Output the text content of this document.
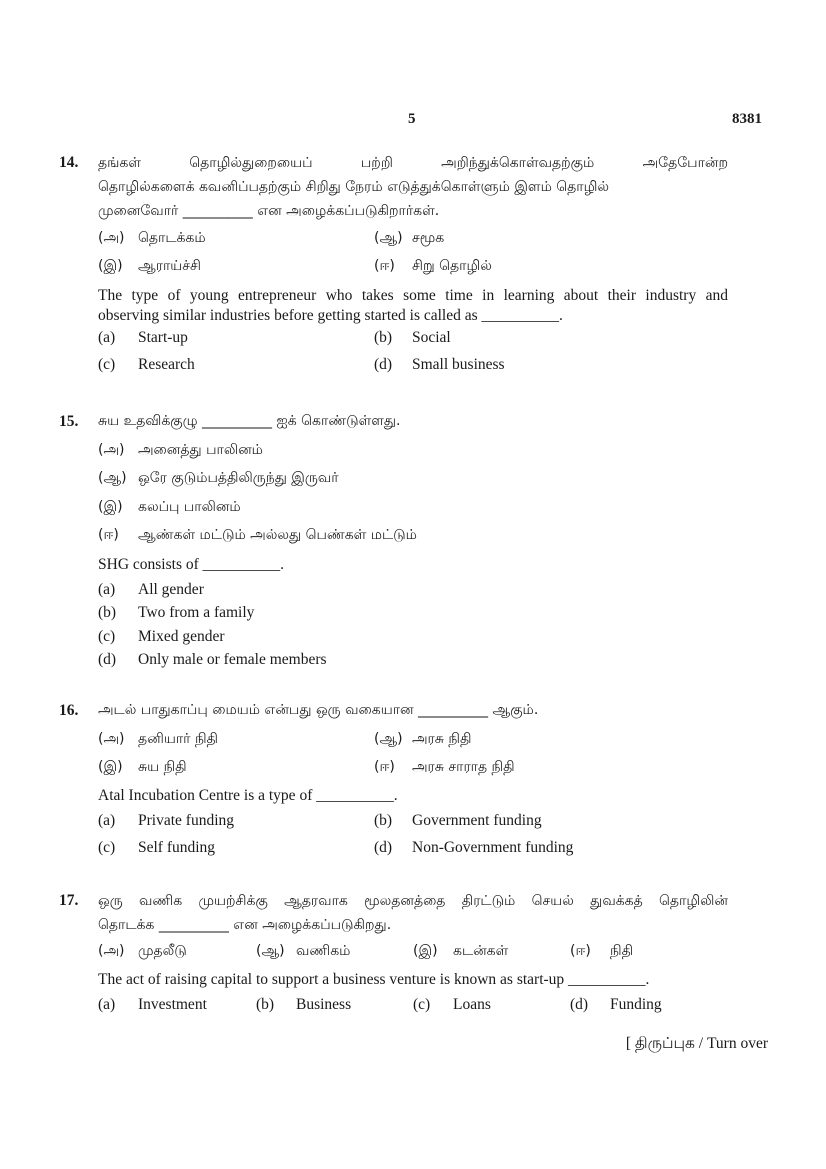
5	8381
14. தங்கள் தொழில்துறையைப் பற்றி அறிந்துக்கொள்வதற்கும் அதேபோன்ற
தொழில்களைக் கவனிப்பதற்கும் சிறிது நேரம் எடுத்துக்கொள்ளும் இளம் தொழில்
முனைவோர் __________ என அழைக்கப்படுகிறார்கள்.
(அ) தொடக்கம்	(ஆ) சமூக
(இ) ஆராய்ச்சி	(ஈ) சிறு தொழில்
The type of young entrepreneur who takes some time in learning about their industry and
observing similar industries before getting started is called as __________.
(a) Start-up	(b) Social
(c) Research	(d) Small business
15. சுய உதவிக்குழு __________ ஐக் கொண்டுள்ளது.
(அ) அனைத்து பாலினம்
(ஆ) ஒரே குடும்பத்திலிருந்து இருவர்
(இ) கலப்பு பாலினம்
(ஈ) ஆண்கள் மட்டும் அல்லது பெண்கள் மட்டும்
SHG consists of __________.
(a) All gender
(b) Two from a family
(c) Mixed gender
(d) Only male or female members
16. அடல் பாதுகாப்பு மையம் என்பது ஒரு வகையான __________ ஆகும்.
(அ) தனியார் நிதி	(ஆ) அரசு நிதி
(இ) சுய நிதி	(ஈ) அரசு சாராத நிதி
Atal Incubation Centre is a type of __________.
(a) Private funding	(b) Government funding
(c) Self funding	(d) Non-Government funding
17. ஒரு வணிக முயற்சிக்கு ஆதரவாக மூலதனத்தை திரட்டும் செயல் துவக்கத் தொழிலின்
தொடக்க __________ என அழைக்கப்படுகிறது.
(அ) முதலீடு	(ஆ) வணிகம்	(இ) கடன்கள்	(ஈ) நிதி
The act of raising capital to support a business venture is known as start-up __________.
(a) Investment	(b) Business	(c) Loans	(d) Funding
[ திருப்புக / Turn over
